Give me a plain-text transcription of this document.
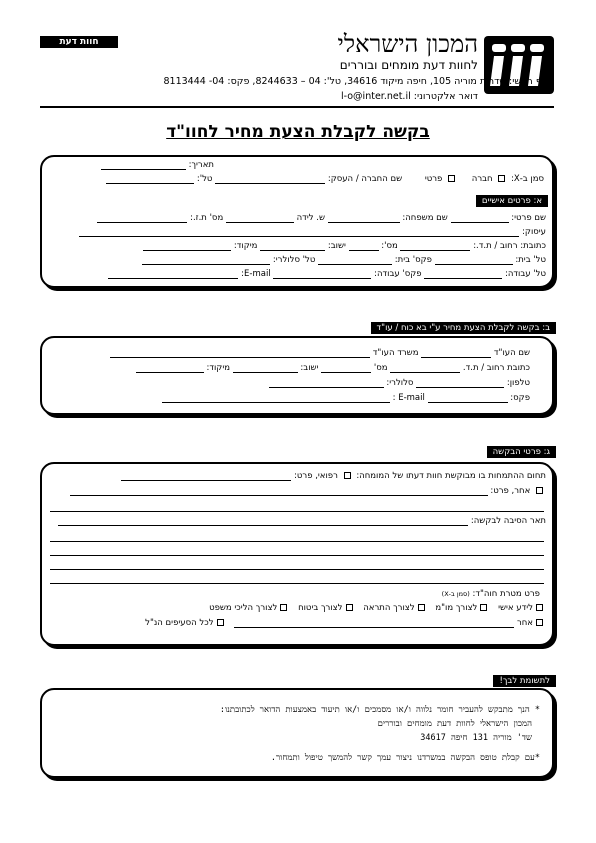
חוות דעת	המכון הישראלי
לחוות דעת מומחים ובוררים
סניף ראשי: שדרות מוריה 105, חיפה מיקוד 34616, טל': 04 – 8244633, פקס: 04- 8113444
דואר אלקטרוני: l-o@inter.net.il
בקשה לקבלת הצעת מחיר לחוו"ד
תאריך:
סמן ב-X:  חברה  פרטי שם החברה / העסק:  טל':
א: פרטים אישיים
שם פרטי:  שם משפחה:  ש. לידה  מס' ת.ז.:
עיסוק:
כתובת: רחוב / ת.ד.:  מס':  ישוב:  מיקוד:
טל' בית:  פקס' בית:  טל' סלולרי:
טל' עבודה:  פקס' עבודה:  E-mail:
ב: בקשה לקבלת הצעת מחיר ע"י בא כוח / עו"ד
שם העו"ד  משרד העו"ד
כתובת רחוב / ת.ד.  מס'  ישוב:  מיקוד:
טלפון:  סלולרי:
פקס:  E-mail :
ג: פרטי הבקשה
תחום ההתמחות בו מבוקשת חוות דעתו של המומחה:  רפואי, פרט:
אחר, פרט:
תאר הסיבה לבקשה:
פרט מטרת חוה"ד: (סמן ב-X)
לידע אישי לצורך מו"מ לצורך התראה לצורך ביטוח לצורך הליכי משפט
אחר  לכל הסעיפים הנ"ל
לתשומת לבך!
* הנך מתבקש להעביר חומר נלווה ו/או מסמכים ו/או תיעוד באמצעות הדואר לכתובתנו:
המכון הישראלי לחוות דעת מומחים ובוררים
שד' מוריה 131 חיפה 34617
*עם קבלת טופס הבקשה במשרדנו ניצור עמך קשר להמשך טיפול ותמחור.
